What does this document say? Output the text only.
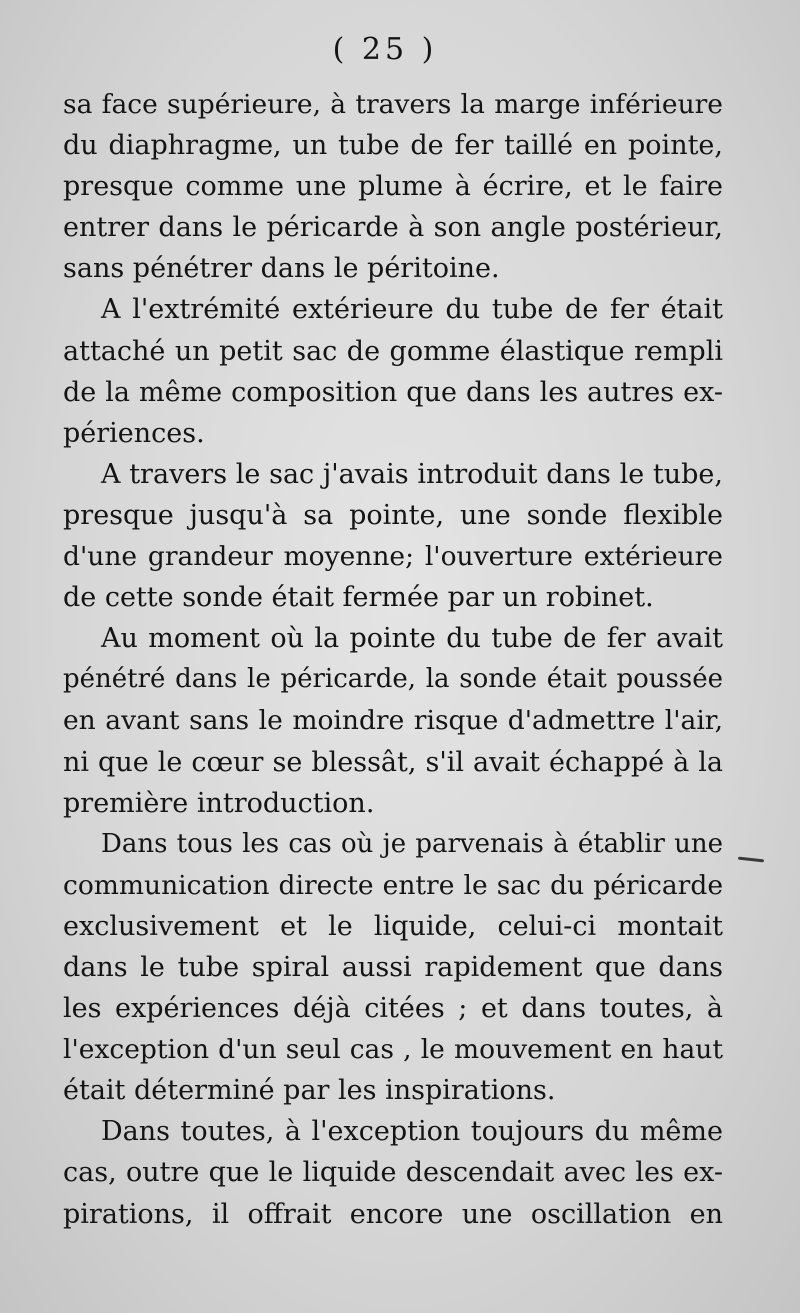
( 25 )
sa face supérieure, à travers la marge inférieure
du diaphragme, un tube de fer taillé en pointe,
presque comme une plume à écrire, et le faire
entrer dans le péricarde à son angle postérieur,
sans pénétrer dans le péritoine.
A l'extrémité extérieure du tube de fer était
attaché un petit sac de gomme élastique rempli
de la même composition que dans les autres ex-
périences.
A travers le sac j'avais introduit dans le tube,
presque jusqu'à sa pointe, une sonde flexible
d'une grandeur moyenne; l'ouverture extérieure
de cette sonde était fermée par un robinet.
Au moment où la pointe du tube de fer avait
pénétré dans le péricarde, la sonde était poussée
en avant sans le moindre risque d'admettre l'air,
ni que le cœur se blessât, s'il avait échappé à la
première introduction.
Dans tous les cas où je parvenais à établir une
communication directe entre le sac du péricarde
exclusivement et le liquide, celui-ci montait
dans le tube spiral aussi rapidement que dans
les expériences déjà citées ; et dans toutes, à
l'exception d'un seul cas , le mouvement en haut
était déterminé par les inspirations.
Dans toutes, à l'exception toujours du même
cas, outre que le liquide descendait avec les ex-
pirations, il offrait encore une oscillation en
